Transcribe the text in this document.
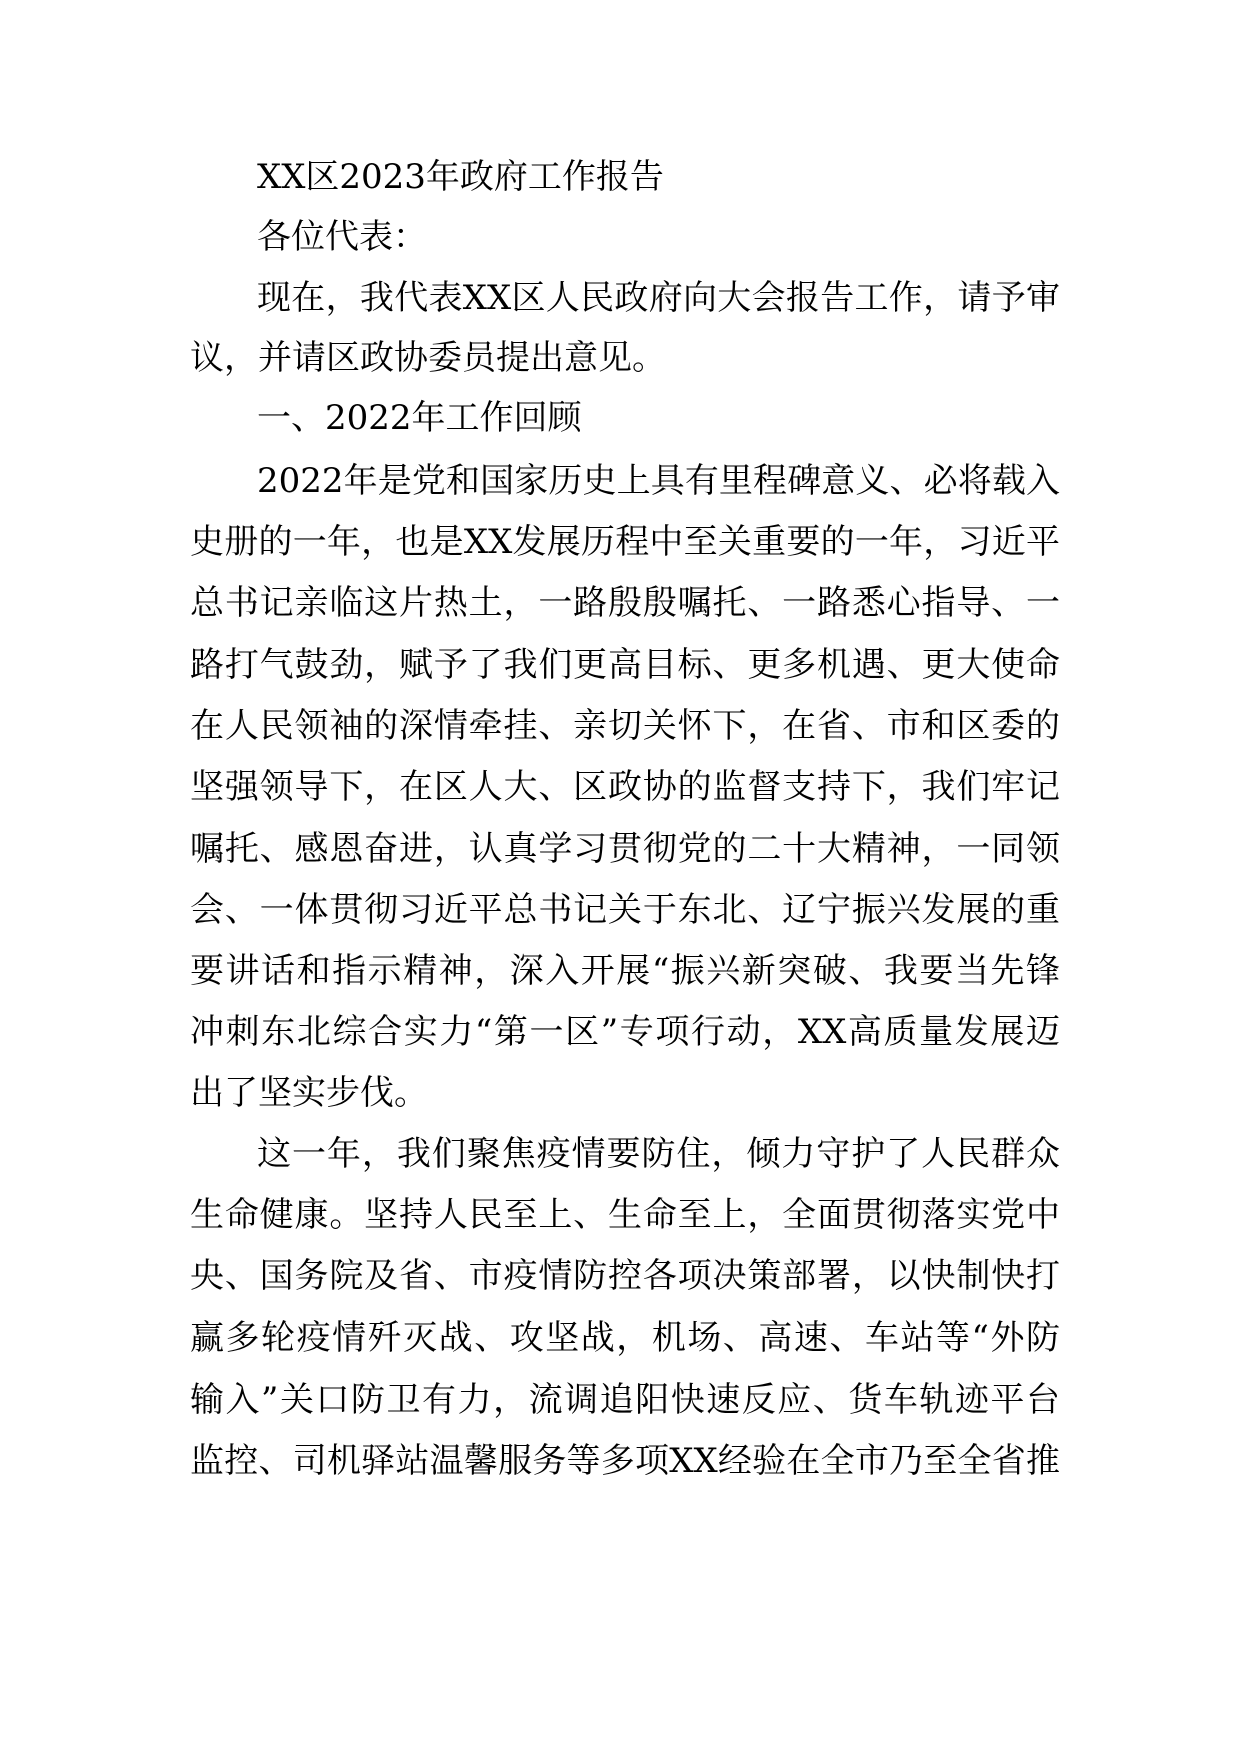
XX区2023年政府工作报告
各位代表：
现在，我代表XX区人民政府向大会报告工作，请予审
议，并请区政协委员提出意见。
一、2022年工作回顾
2022年是党和国家历史上具有里程碑意义、必将载入
史册的一年，也是XX发展历程中至关重要的一年，习近平
总书记亲临这片热土，一路殷殷嘱托、一路悉心指导、一
路打气鼓劲，赋予了我们更高目标、更多机遇、更大使命
在人民领袖的深情牵挂、亲切关怀下，在省、市和区委的
坚强领导下，在区人大、区政协的监督支持下，我们牢记
嘱托、感恩奋进，认真学习贯彻党的二十大精神，一同领
会、一体贯彻习近平总书记关于东北、辽宁振兴发展的重
要讲话和指示精神，深入开展“振兴新突破、我要当先锋
冲刺东北综合实力“第一区”专项行动，XX高质量发展迈
出了坚实步伐。
这一年，我们聚焦疫情要防住，倾力守护了人民群众
生命健康。坚持人民至上、生命至上，全面贯彻落实党中
央、国务院及省、市疫情防控各项决策部署，以快制快打
赢多轮疫情歼灭战、攻坚战，机场、高速、车站等“外防
输入”关口防卫有力，流调追阳快速反应、货车轨迹平台
监控、司机驿站温馨服务等多项XX经验在全市乃至全省推
